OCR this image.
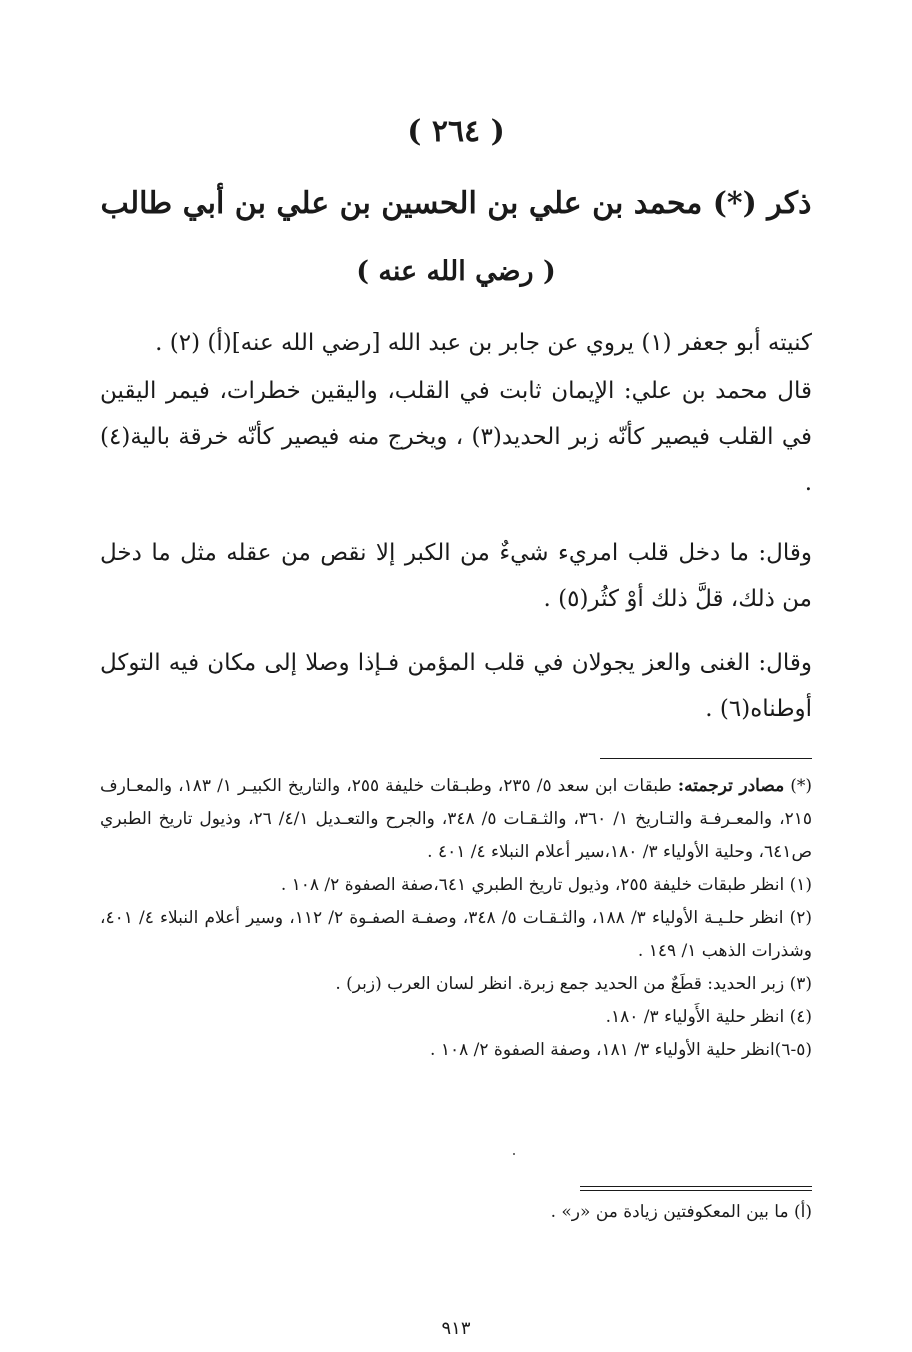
( ٢٦٤ )
ذكر (*) محمد بن علي بن الحسين بن علي بن أبي طالب
( رضي الله عنه )
كنيته أبو جعفر (١) يروي عن جابر بن عبد الله [رضي الله عنه](أ) (٢) .
قال محمد بن علي: الإيمان ثابت في القلب، واليقين خطرات، فيمر اليقين في القلب فيصير كأنّه زبر الحديد(٣) ، ويخرج منه فيصير كأنّه خرقة بالية(٤) .
وقال: ما دخل قلب امريء شيءٌ من الكبر إلا نقص من عقله مثل ما دخل من ذلك، قلَّ ذلك أوْ كثُر(٥) .
وقال: الغنى والعز يجولان في قلب المؤمن فـإذا وصلا إلى مكان فيه التوكل أوطناه(٦) .

(*) مصادر ترجمته: طبقات ابن سعد ٥/ ٢٣٥، وطبـقات خليفة ٢٥٥، والتاريخ الكبيـر ١/ ١٨٣، والمعـارف ٢١٥، والمعـرفـة والتـاريخ ١/ ٣٦٠، والثـقـات ٥/ ٣٤٨، والجرح والتعـديل ٤/١/ ٢٦، وذيول تاريخ الطبري ص٦٤١، وحلية الأولياء ٣/ ١٨٠،سير أعلام النبلاء ٤/ ٤٠١ .

(١) انظر طبقات خليفة ٢٥٥، وذيول تاريخ الطبري ٦٤١،صفة الصفوة ٢/ ١٠٨ .

(٢) انظر حلـيـة الأولياء ٣/ ١٨٨، والثـقـات ٥/ ٣٤٨، وصفـة الصفـوة ٢/ ١١٢، وسير أعلام النبلاء ٤/ ٤٠١، وشذرات الذهب ١/ ١٤٩ .

(٣) زبر الحديد: قطَعٌ من الحديد جمع زبرة. انظر لسان العرب (زبر) .

(٤) انظر حلية الأَولياء ٣/ ١٨٠.

(٥-٦)انظر حلية الأولياء ٣/ ١٨١، وصفة الصفوة ٢/ ١٠٨ .

(أ) ما بين المعكوفتين زيادة من «ر» .
٩١٣
